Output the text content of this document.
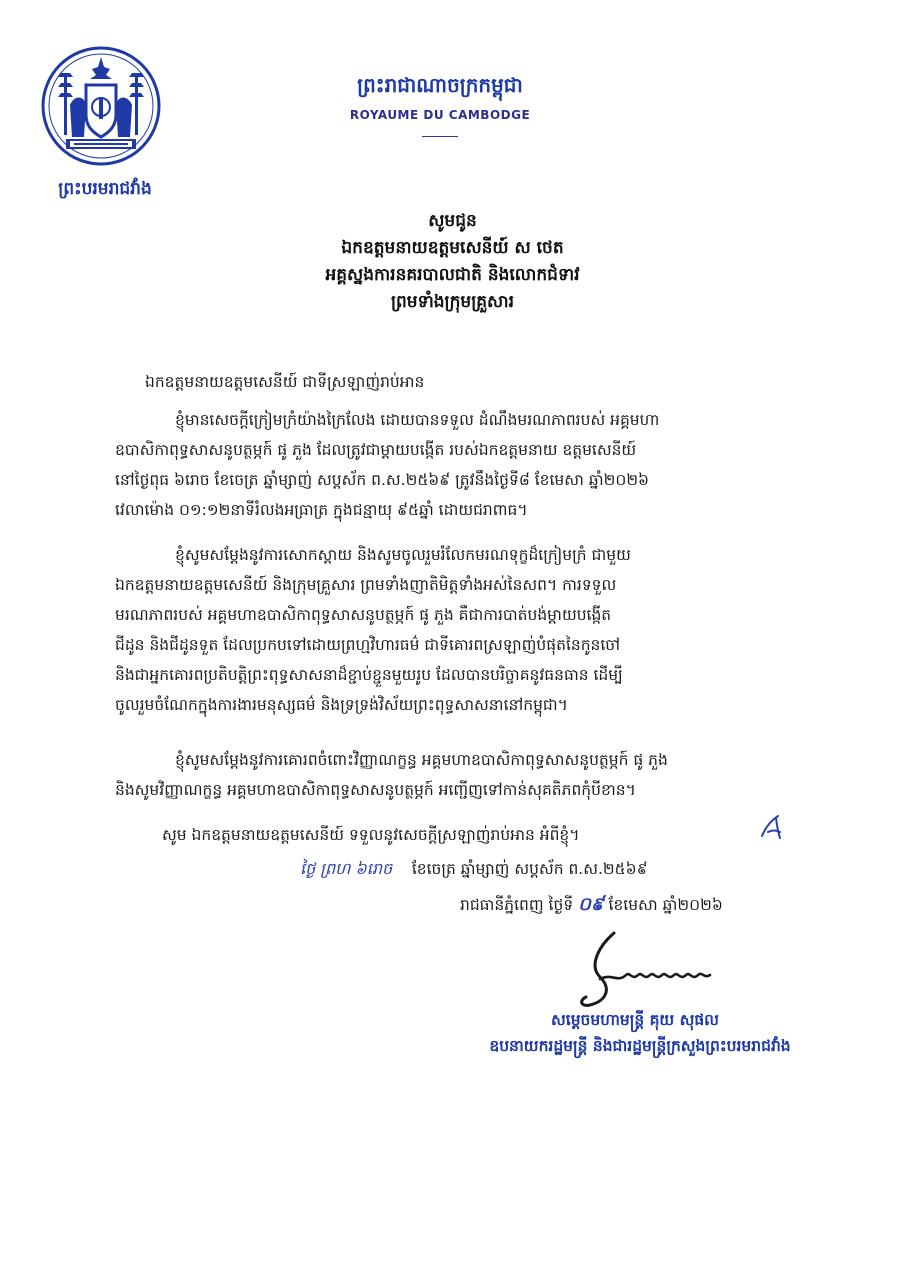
ព្រះបរមរាជវាំង
ព្រះរាជាណាចក្រកម្ពុជា
ROYAUME DU CAMBODGE
សូមជូន
ឯកឧត្តមនាយឧត្តមសេនីយ៍ ស ថេត
អគ្គស្នងការនគរបាលជាតិ និងលោកជំទាវ
ព្រមទាំងក្រុមគ្រួសារ
ឯកឧត្តមនាយឧត្តមសេនីយ៍ ជាទីស្រឡាញ់រាប់អាន
ខ្ញុំមានសេចក្តីក្រៀមក្រំយ៉ាងក្រៃលែង ដោយបានទទួល ដំណឹងមរណភាពរបស់ អគ្គមហា
ឧបាសិកាពុទ្ធសាសនូបត្ថម្ភក៍ ផូ ភួង ដែលត្រូវជាម្តាយបង្កើត របស់ឯកឧត្តមនាយ ឧត្តមសេនីយ៍
នៅថ្ងៃពុធ ៦រោច ខែចេត្រ ឆ្នាំម្សាញ់ សប្តស័ក ព.ស.២៥៦៩ ត្រូវនឹងថ្ងៃទី៨ ខែមេសា ឆ្នាំ២០២៦
វេលាម៉ោង ០១:១២នាទីរំលងអធ្រាត្រ ក្នុងជន្មាយុ ៩៥ឆ្នាំ ដោយជរាពាធ។
ខ្ញុំសូមសម្តែងនូវការសោកស្តាយ និងសូមចូលរួមរំលែកមរណទុក្ខដ៏ក្រៀមក្រំ ជាមួយ
ឯកឧត្តមនាយឧត្តមសេនីយ៍ និងក្រុមគ្រួសារ ព្រមទាំងញាតិមិត្តទាំងអស់នៃសព។ ការទទួល
មរណភាពរបស់ អគ្គមហាឧបាសិកាពុទ្ធសាសនូបត្ថម្ភក៍ ផូ ភួង គឺជាការបាត់បង់ម្តាយបង្កើត
ជីដូន និងជីដូនទួត ដែលប្រកបទៅដោយព្រហ្មវិហារធម៌ ជាទីគោរពស្រឡាញ់បំផុតនៃកូនចៅ
និងជាអ្នកគោរពប្រតិបត្តិព្រះពុទ្ធសាសនាដ៏ខ្ជាប់ខ្ជួនមួយរូប ដែលបានបរិច្ចាគនូវធនធាន ដើម្បី
ចូលរួមចំណែកក្នុងការងារមនុស្សធម៌ និងទ្រទ្រង់វិស័យព្រះពុទ្ធសាសនានៅកម្ពុជា។
ខ្ញុំសូមសម្តែងនូវការគោរពចំពោះវិញ្ញាណក្ខន្ធ អគ្គមហាឧបាសិកាពុទ្ធសាសនូបត្ថម្ភក៍ ផូ ភួង
និងសូមវិញ្ញាណក្ខន្ធ អគ្គមហាឧបាសិកាពុទ្ធសាសនូបត្ថម្ភក៍ អញ្ជើញទៅកាន់សុគតិភពកុំបីខាន។
សូម ឯកឧត្តមនាយឧត្តមសេនីយ៍ ទទួលនូវសេចក្តីស្រឡាញ់រាប់អាន អំពីខ្ញុំ។
ថ្ងៃ ព្រហ ៦រោច ខែចេត្រ ឆ្នាំម្សាញ់ សប្តស័ក ព.ស.២៥៦៩
រាជធានីភ្នំពេញ ថ្ងៃទី ០៩ ខែមេសា ឆ្នាំ២០២៦
សម្តេចមហាមន្ត្រី គុយ សុផល
ឧបនាយករដ្ឋមន្ត្រី និងជារដ្ឋមន្ត្រីក្រសួងព្រះបរមរាជវាំង
